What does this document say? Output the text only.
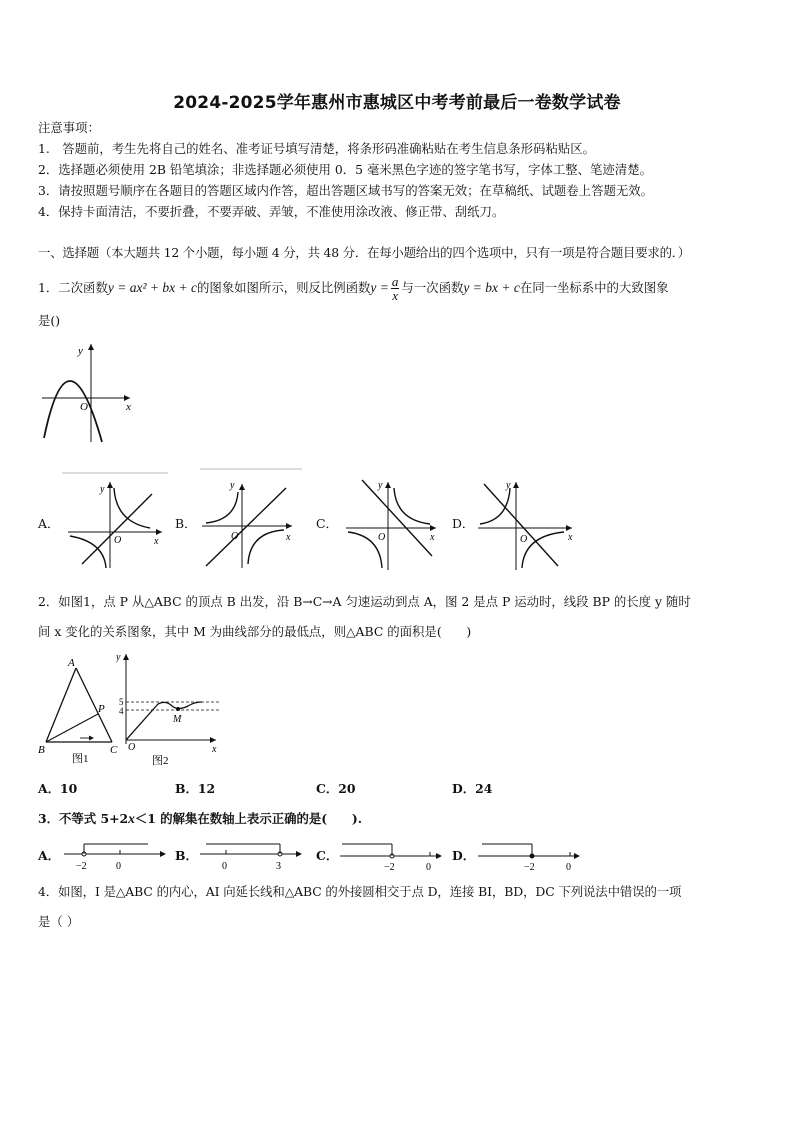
2024-2025学年惠州市惠城区中考考前最后一卷数学试卷
注意事项：
1.　答题前，考生先将自己的姓名、准考证号填写清楚，将条形码准确粘贴在考生信息条形码粘贴区。
2．选择题必须使用 2B 铅笔填涂；非选择题必须使用 0．5 毫米黑色字迹的签字笔书写，字体工整、笔迹清楚。
3．请按照题号顺序在各题目的答题区域内作答，超出答题区域书写的答案无效；在草稿纸、试题卷上答题无效。
4．保持卡面清洁，不要折叠，不要弄破、弄皱，不准使用涂改液、修正带、刮纸刀。
一、选择题（本大题共 12 个小题，每小题 4 分，共 48 分．在每小题给出的四个选项中，只有一项是符合题目要求的．）
1．二次函数y = ax² + bx + c的图象如图所示，则反比例函数$y = \frac{a}{x}$ 与一次函数y = bx + c在同一坐标系中的大致图象
是()
y
x
O
A．	B．	C．	D．
y
x
O
y
x
O
y
x
O
y
x
O
2．如图1，点 P 从△ABC 的顶点 B 出发，沿 B→C→A 匀速运动到点 A，图 2 是点 P 运动时，线段 BP 的长度 y 随时
间 x 变化的关系图象，其中 M 为曲线部分的最低点，则△ABC 的面积是(　　)
A
B	C
P
图1
y
x
O
5
4
M
图2
A．10	B．12	C．20	D．24
3．不等式 5+2x＜1 的解集在数轴上表示正确的是(　　).
A．
−2	0
B．
0	3
C．
−2	0
D．
−2	0
4．如图，I 是△ABC 的内心，AI 向延长线和△ABC 的外接圆相交于点 D，连接 BI，BD，DC 下列说法中错误的一项
是（ ）
